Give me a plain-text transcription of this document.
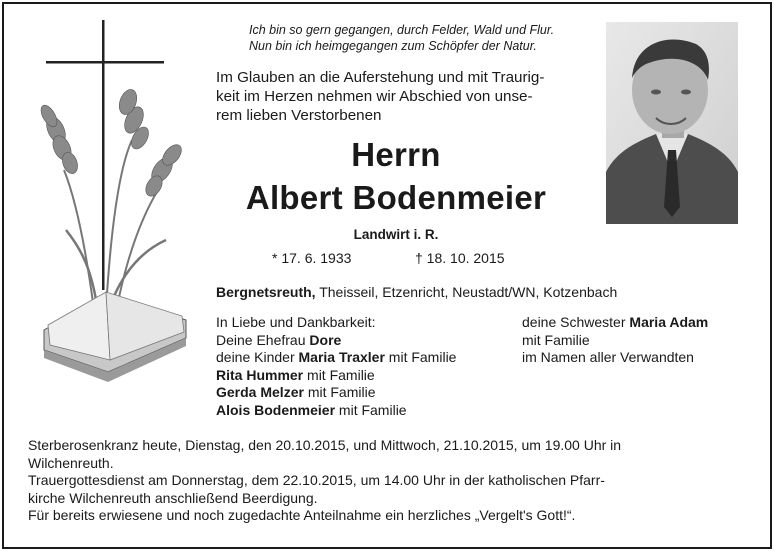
Ich bin so gern gegangen, durch Felder, Wald und Flur.
Nun bin ich heimgegangen zum Schöpfer der Natur.
Im Glauben an die Auferstehung und mit Traurig-
keit im Herzen nehmen wir Abschied von unse-
rem lieben Verstorbenen
Herrn
Albert Bodenmeier
Landwirt i. R.
* 17. 6. 1933	† 18. 10. 2015
Bergnetsreuth, Theisseil, Etzenricht, Neustadt/WN, Kotzenbach
In Liebe und Dankbarkeit:
Deine Ehefrau Dore
deine Kinder Maria Traxler mit Familie
Rita Hummer mit Familie
Gerda Melzer mit Familie
Alois Bodenmeier mit Familie
deine Schwester Maria Adam
mit Familie
im Namen aller Verwandten
Sterberosenkranz heute, Dienstag, den 20.10.2015, und Mittwoch, 21.10.2015, um 19.00 Uhr in
Wilchenreuth.
Trauergottesdienst am Donnerstag, dem 22.10.2015, um 14.00 Uhr in der katholischen Pfarr-
kirche Wilchenreuth anschließend Beerdigung.
Für bereits erwiesene und noch zugedachte Anteilnahme ein herzliches „Vergelt's Gott!“.
